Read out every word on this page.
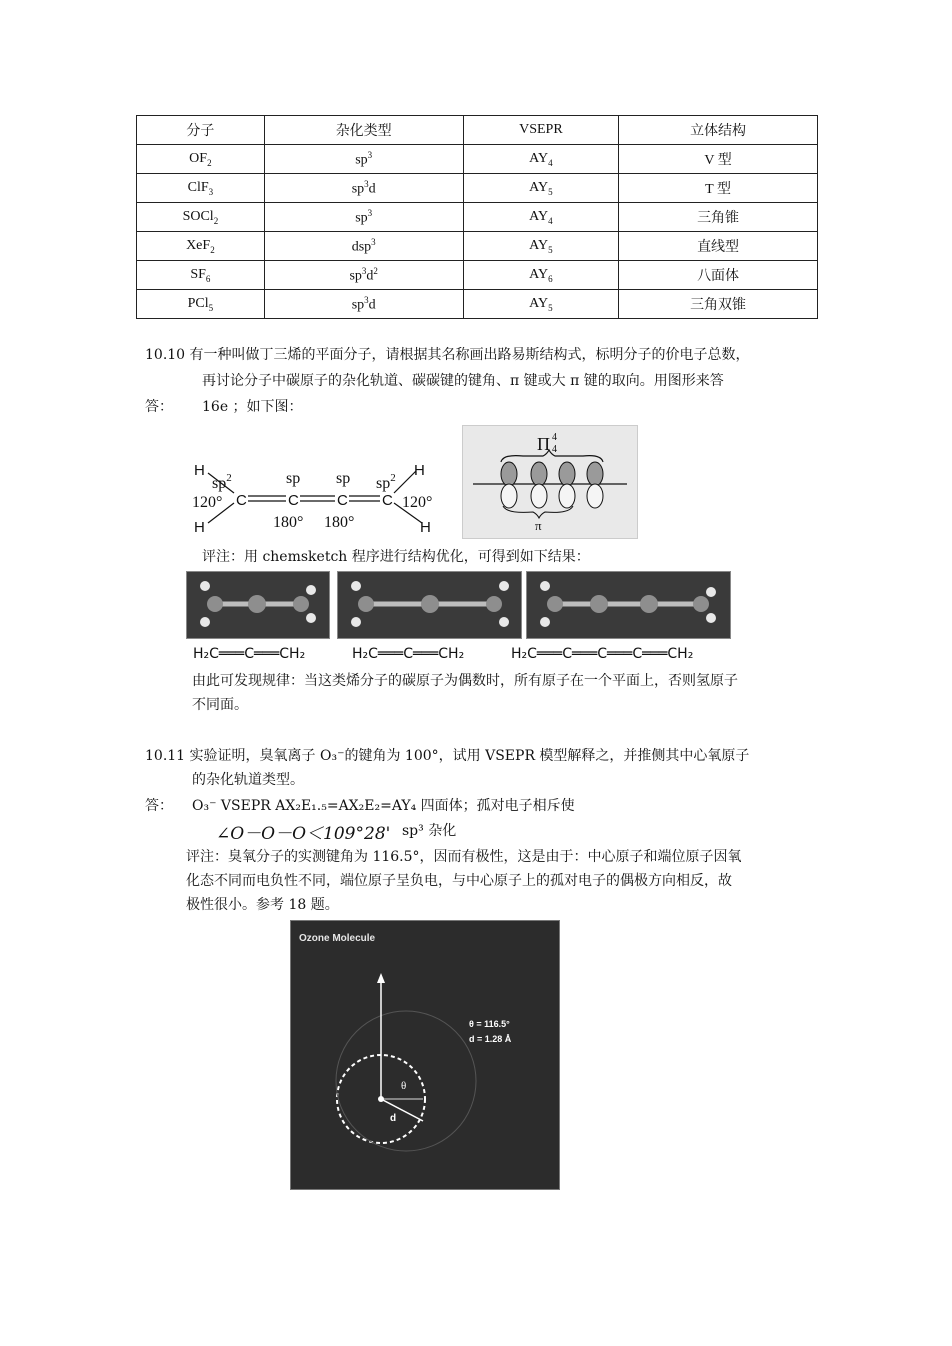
分子	杂化类型	VSEPR	立体结构
$OF_2$	$sp^3$	$AY_4$	V 型
ClF$_3$	$sp^3d$	$AY_5$	T 型
SOCl$_2$	$sp^3$	$AY_4$	三角锥
XeF$_2$	dsp$^3$	$AY_5$	直线型
$SF_6$	$sp^3d^2$	$AY_6$	八面体
PCl$_5$	$sp^3d$	$AY_5$	三角双锥
10.10 有一种叫做丁三烯的平面分子，请根据其名称画出路易斯结构式，标明分子的价电子总数，
再讨论分子中碳原子的杂化轨道、碳碳键的键角、π 键或大 π 键的取向。用图形来答
答： 16e ；如下图：
H
H
H
H
C	C	C C
$sp^2$	sp sp $sp^2$
120°	120°
180° 180°
Π 4
4
π
评注：用 chemsketch 程序进行结构优化，可得到如下结果：
H₂C═══C═══CH₂	H₂C═══C═══CH₂	H₂C═══C═══C═══C═══CH₂
由此可发现规律：当这类烯分子的碳原子为偶数时，所有原子在一个平面上，否则氢原子
不同面。
10.11 实验证明，臭氧离子 O₃⁻的键角为 100°，试用 VSEPR 模型解释之，并推侧其中心氧原子
的杂化轨道类型。
答： O₃⁻ VSEPR AX₂E₁.₅=AX₂E₂=AY₄ 四面体；孤对电子相斥使
∠O－O－O＜109°28' sp³ 杂化
评注：臭氧分子的实测键角为 116.5°，因而有极性，这是由于：中心原子和端位原子因氧
化态不同而电负性不同，端位原子呈负电，与中心原子上的孤对电子的偶极方向相反，故
极性很小。参考 18 题。
Ozone Molecule
θ
d
θ = 116.5°
d = 1.28 Å
